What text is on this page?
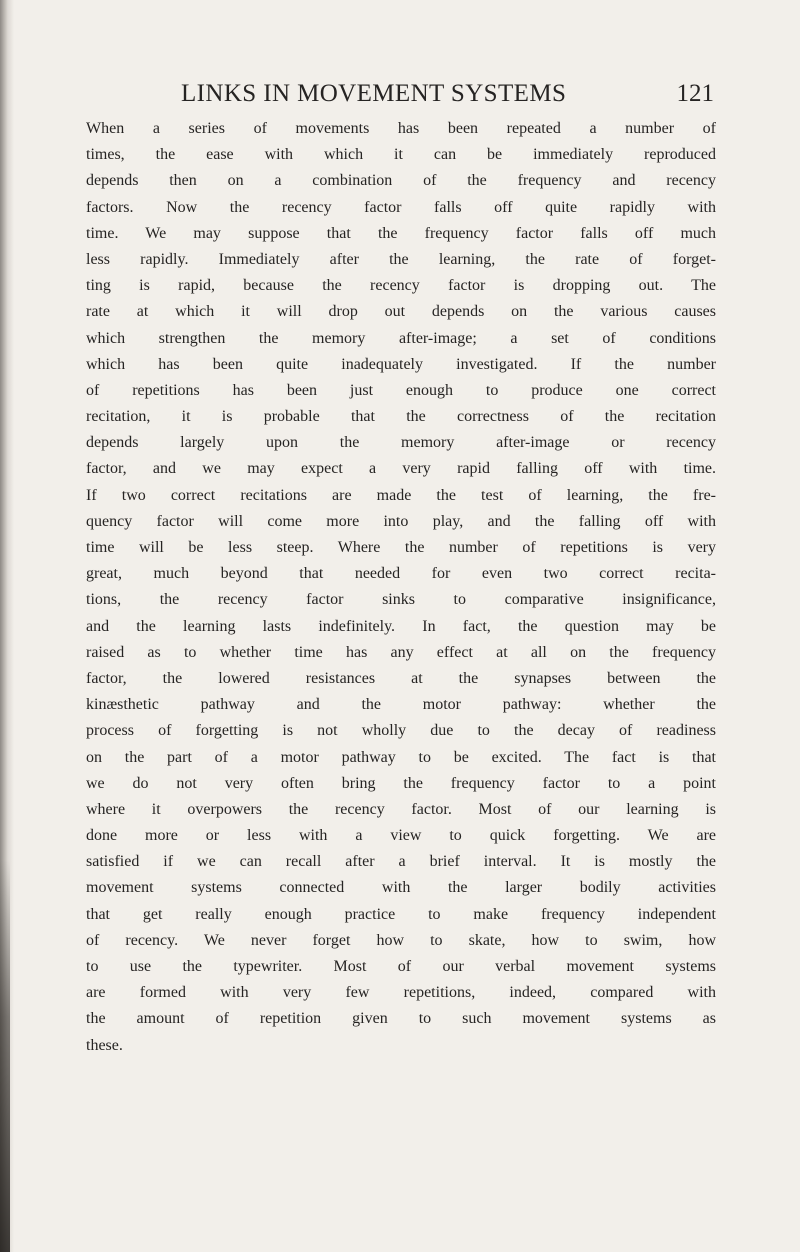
LINKS IN MOVEMENT SYSTEMS	121
When a series of movements has been repeated a number of
times, the ease with which it can be immediately reproduced
depends then on a combination of the frequency and recency
factors. Now the recency factor falls off quite rapidly with
time. We may suppose that the frequency factor falls off much
less rapidly. Immediately after the learning, the rate of forget-
ting is rapid, because the recency factor is dropping out. The
rate at which it will drop out depends on the various causes
which strengthen the memory after-image; a set of conditions
which has been quite inadequately investigated. If the number
of repetitions has been just enough to produce one correct
recitation, it is probable that the correctness of the recitation
depends largely upon the memory after-image or recency
factor, and we may expect a very rapid falling off with time.
If two correct recitations are made the test of learning, the fre-
quency factor will come more into play, and the falling off with
time will be less steep. Where the number of repetitions is very
great, much beyond that needed for even two correct recita-
tions, the recency factor sinks to comparative insignificance,
and the learning lasts indefinitely. In fact, the question may be
raised as to whether time has any effect at all on the frequency
factor, the lowered resistances at the synapses between the
kinæsthetic pathway and the motor pathway: whether the
process of forgetting is not wholly due to the decay of readiness
on the part of a motor pathway to be excited. The fact is that
we do not very often bring the frequency factor to a point
where it overpowers the recency factor. Most of our learning is
done more or less with a view to quick forgetting. We are
satisfied if we can recall after a brief interval. It is mostly the
movement systems connected with the larger bodily activities
that get really enough practice to make frequency independent
of recency. We never forget how to skate, how to swim, how
to use the typewriter. Most of our verbal movement systems
are formed with very few repetitions, indeed, compared with
the amount of repetition given to such movement systems as
these.
